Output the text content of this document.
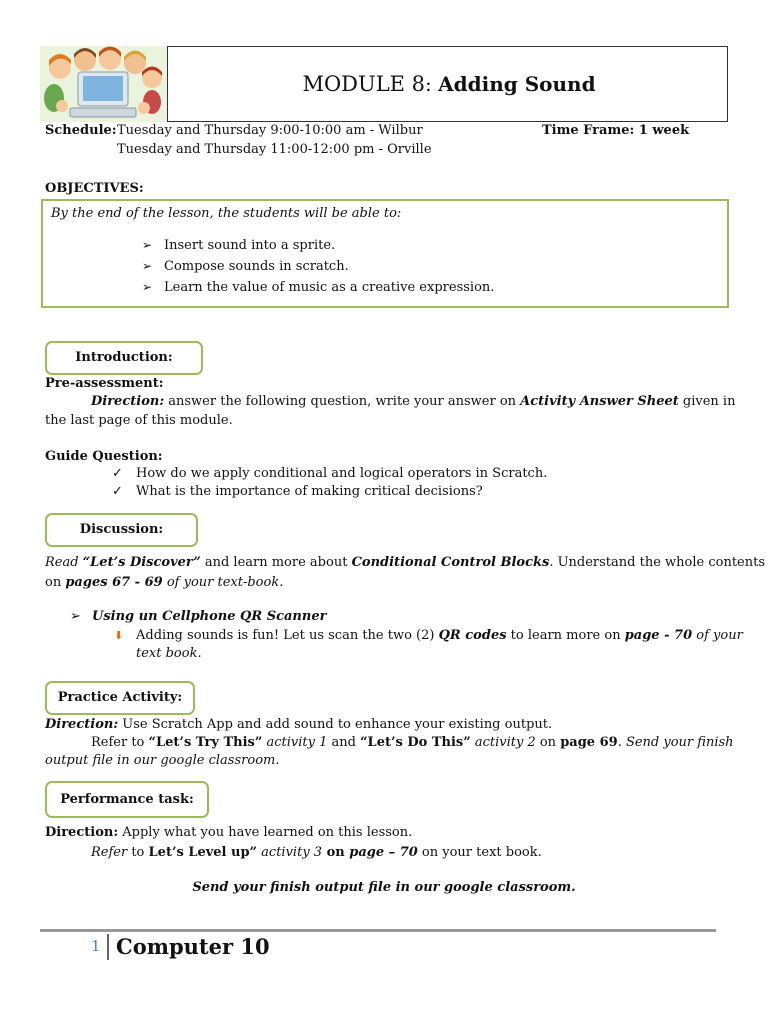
MODULE 8: Adding Sound
Schedule: Tuesday and Thursday 9:00-10:00 am - Wilbur
Tuesday and Thursday 11:00-12:00 pm - Orville
Time Frame: 1 week
OBJECTIVES:
By the end of the lesson, the students will be able to:
➢ Insert sound into a sprite.
➢ Compose sounds in scratch.
➢ Learn the value of music as a creative expression.
Introduction:
Pre-assessment:
Direction: answer the following question, write your answer on Activity Answer Sheet given in
the last page of this module.
Guide Question:
✓ How do we apply conditional and logical operators in Scratch.
✓ What is the importance of making critical decisions?
Discussion:
Read “Let’s Discover” and learn more about Conditional Control Blocks. Understand the whole contents
on pages 67 - 69 of your text-book.
➢ Using un Cellphone QR Scanner
⬇ Adding sounds is fun! Let us scan the two (2) QR codes to learn more on page - 70 of your
text book.
Practice Activity:
Direction: Use Scratch App and add sound to enhance your existing output.
Refer to “Let’s Try This” activity 1 and “Let’s Do This” activity 2 on page 69. Send your finish
output file in our google classroom.
Performance task:
Direction: Apply what you have learned on this lesson.
Refer to Let’s Level up” activity 3 on page – 70 on your text book.
Send your finish output file in our google classroom.
1 Computer 10
